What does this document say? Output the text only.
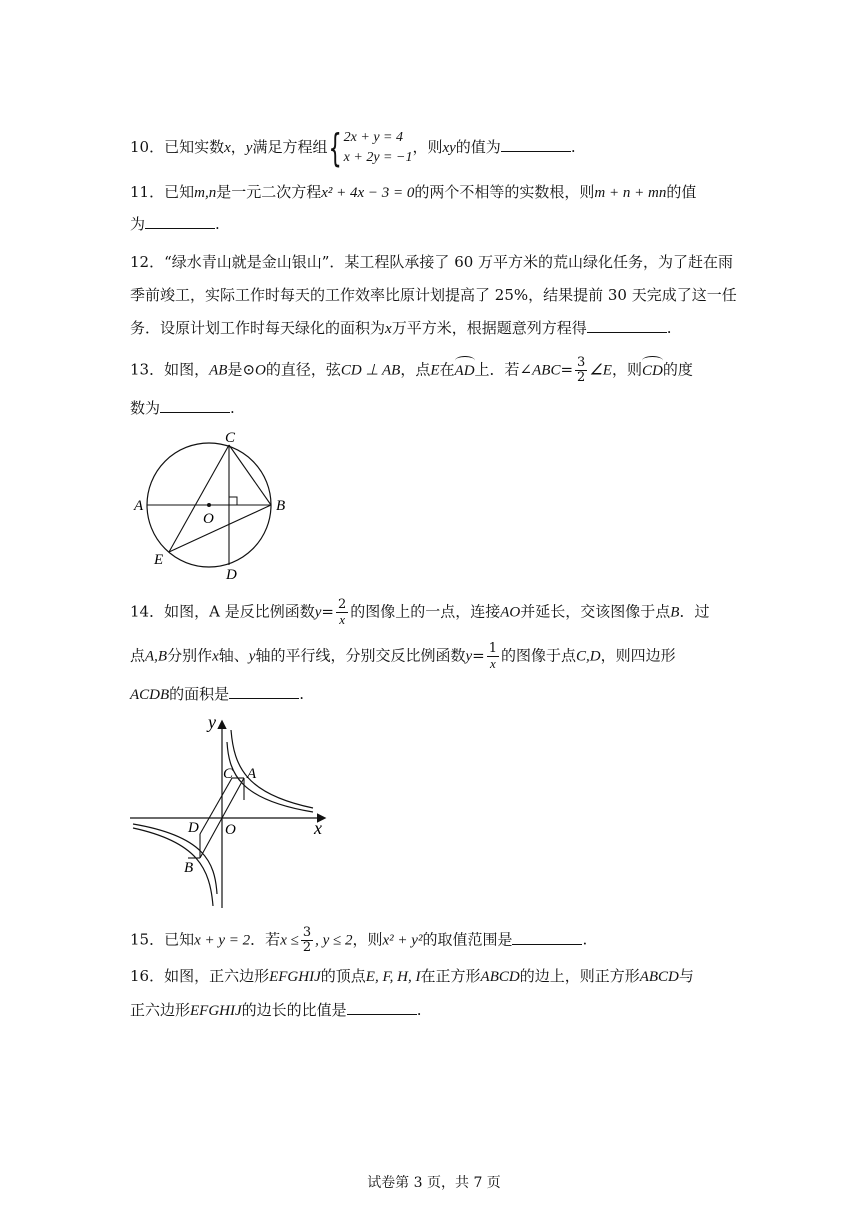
10．已知实数x，y满足方程组{2x + y = 4
x + 2y = −1，则xy的值为	.
11．已知m,n是一元二次方程x² + 4x − 3 = 0的两个不相等的实数根，则m + n + mn的值
为	.
12．“绿水青山就是金山银山”．某工程队承接了 60 万平方米的荒山绿化任务，为了赶在雨
季前竣工，实际工作时每天的工作效率比原计划提高了 25%，结果提前 30 天完成了这一任
务．设原计划工作时每天绿化的面积为x万平方米，根据题意列方程得	.
13．如图，AB是⊙O的直径，弦CD ⊥ AB，点E在AD上．若∠ABC= $\frac{3}{2}$ ∠E，则CD的度
数为	.
C
A	B
O
E
D
14．如图，A 是反比例函数$y= \frac{2}{x}$ 的图像上的一点，连接AO并延长，交该图像于点B．过
点A,B分别作x轴、y轴的平行线，分别交反比例函数$y= \frac{1}{x}$ 的图像于点C,D，则四边形
ACDB的面积是	.
y
x
C A
D O
B
15．已知x + y = 2．若$x \le \frac{3}{2}$ , y ≤ 2，则x² + y²的取值范围是	.
16．如图，正六边形EFGHIJ的顶点E, F, H, I在正方形ABCD的边上，则正方形ABCD与
正六边形EFGHIJ的边长的比值是	.
试卷第 3 页，共 7 页
